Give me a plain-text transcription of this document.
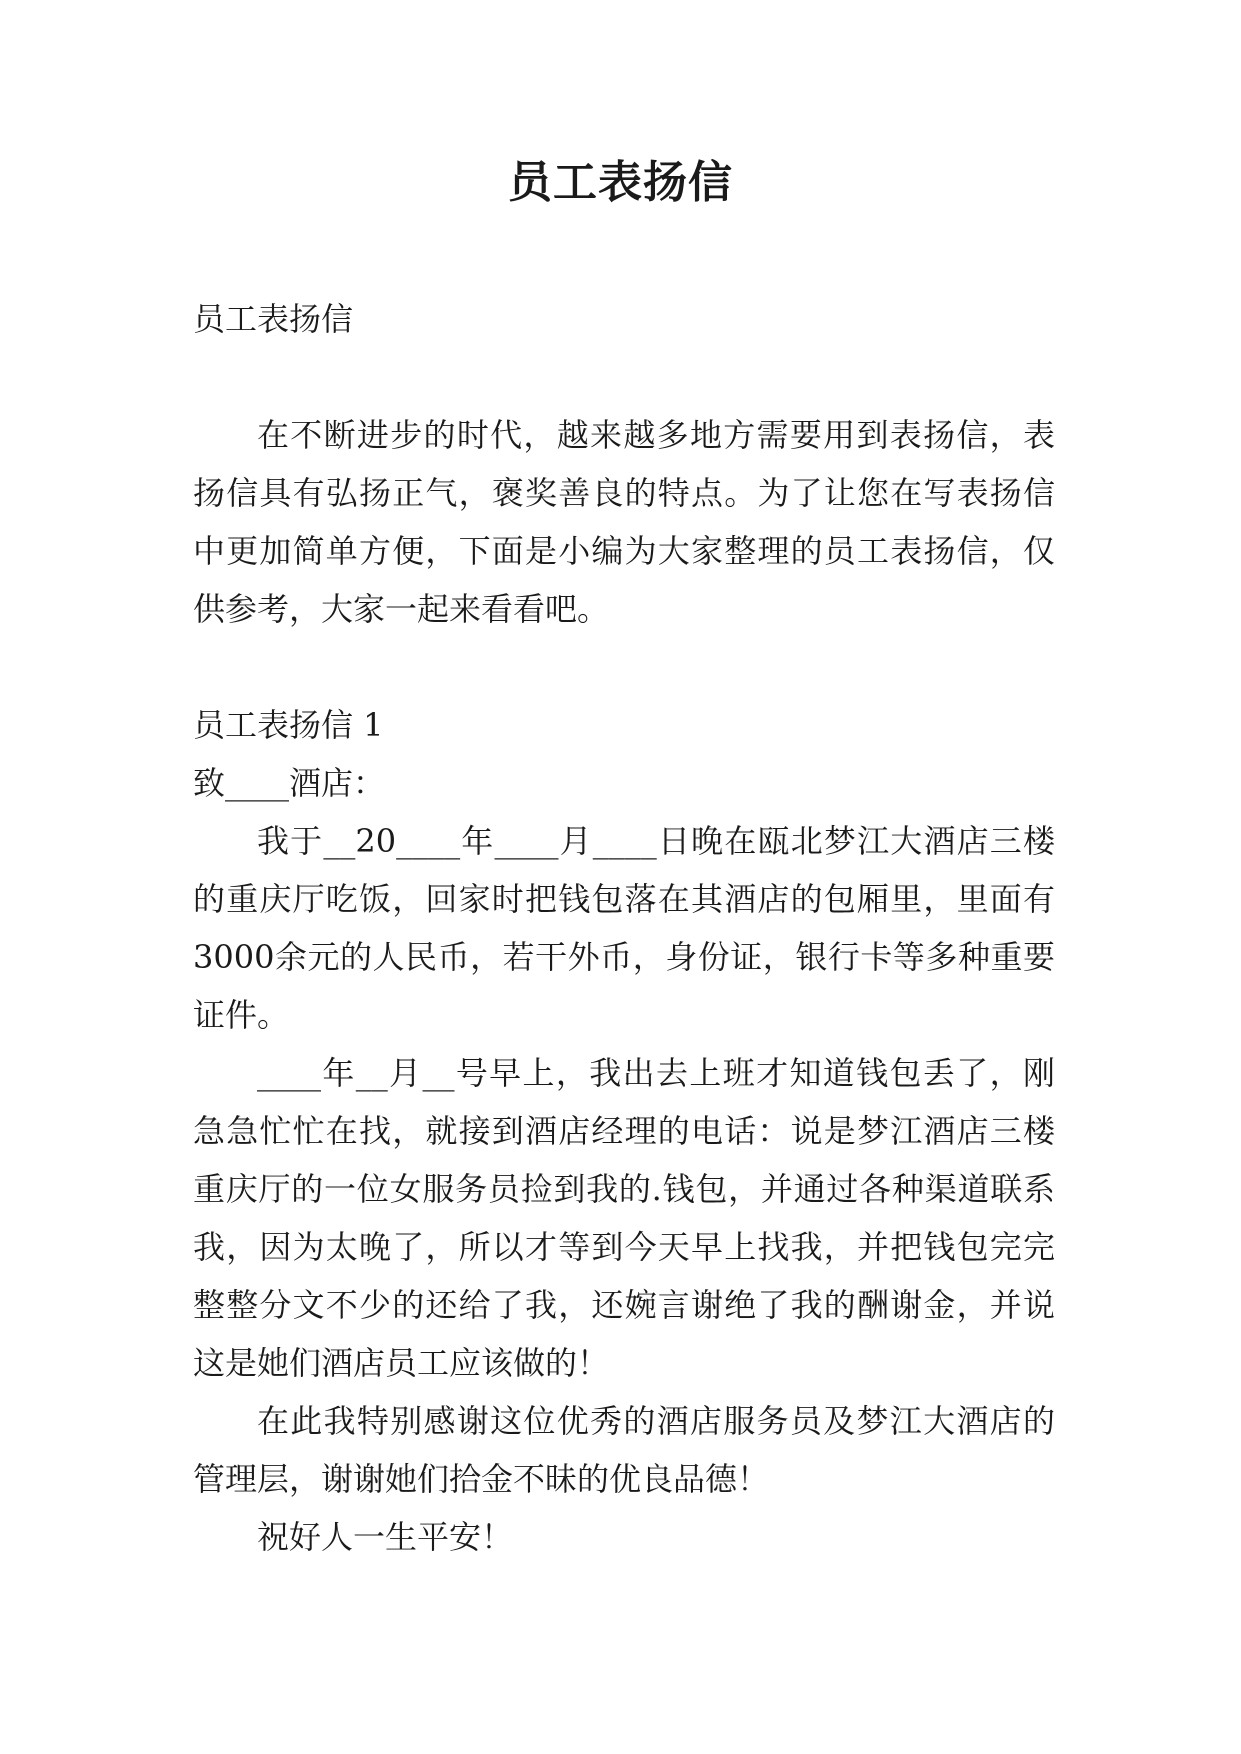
员工表扬信

员工表扬信

在不断进步的时代，越来越多地方需要用到表扬信，表扬信具有弘扬正气，褒奖善良的特点。为了让您在写表扬信中更加简单方便，下面是小编为大家整理的员工表扬信，仅供参考，大家一起来看看吧。

员工表扬信 1

致____酒店：

我于__20____年____月____日晚在瓯北梦江大酒店三楼的重庆厅吃饭，回家时把钱包落在其酒店的包厢里，里面有3000余元的人民币，若干外币，身份证，银行卡等多种重要证件。

____年__月__号早上，我出去上班才知道钱包丢了，刚急急忙忙在找，就接到酒店经理的电话：说是梦江酒店三楼重庆厅的一位女服务员捡到我的.钱包，并通过各种渠道联系我，因为太晚了，所以才等到今天早上找我，并把钱包完完整整分文不少的还给了我，还婉言谢绝了我的酬谢金，并说这是她们酒店员工应该做的！

在此我特别感谢这位优秀的酒店服务员及梦江大酒店的管理层，谢谢她们拾金不昧的优良品德！

祝好人一生平安！
